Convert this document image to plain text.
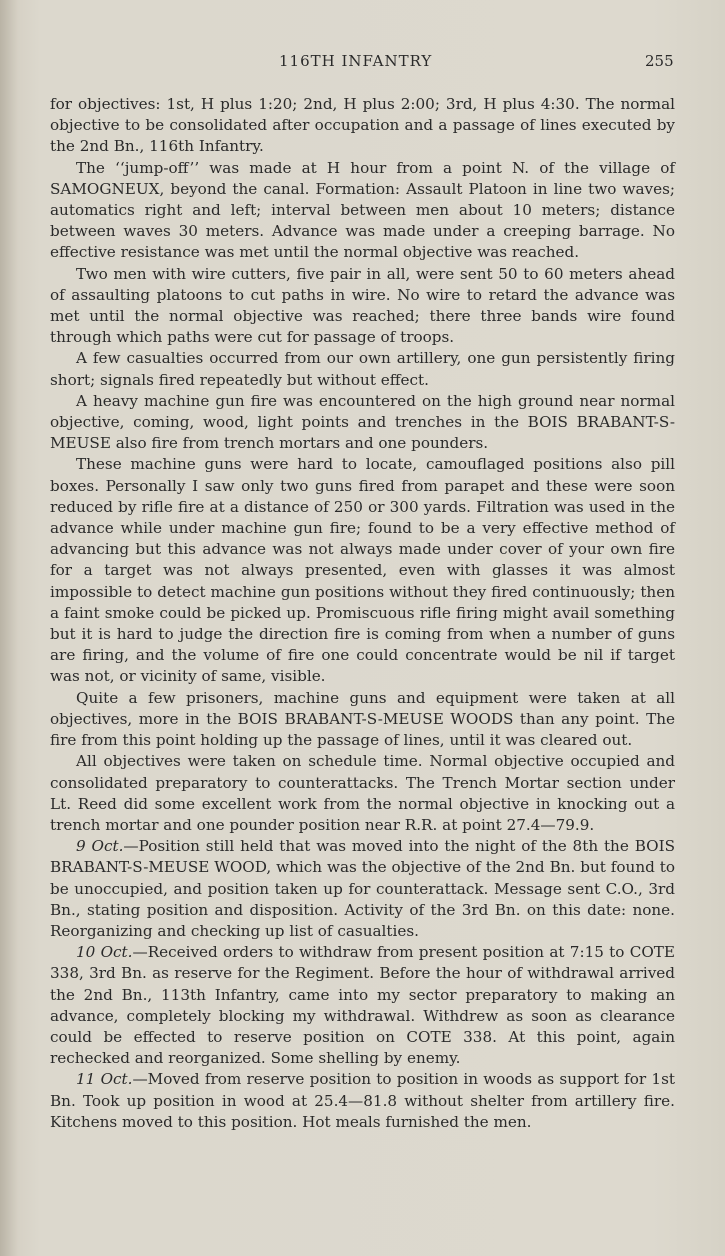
116TH INFANTRY	255

for objectives: 1st, H plus 1:20; 2nd, H plus 2:00; 3rd, H plus 4:30. The normal objective to be consolidated after occupation and a passage of lines executed by the 2nd Bn., 116th Infantry.

The ‘‘jump-off’’ was made at H hour from a point N. of the village of SAMOGNEUX, beyond the canal. Formation: Assault Platoon in line two waves; automatics right and left; interval between men about 10 meters; distance between waves 30 meters. Advance was made under a creeping barrage. No effective resistance was met until the normal objective was reached.

Two men with wire cutters, five pair in all, were sent 50 to 60 meters ahead of assaulting platoons to cut paths in wire. No wire to retard the advance was met until the normal objective was reached; there three bands wire found through which paths were cut for passage of troops.

A few casualties occurred from our own artillery, one gun persistently firing short; signals fired repeatedly but without effect.

A heavy machine gun fire was encountered on the high ground near normal objective, coming, wood, light points and trenches in the BOIS BRABANT-S-MEUSE also fire from trench mortars and one pounders.

These machine guns were hard to locate, camouflaged positions also pill boxes. Personally I saw only two guns fired from parapet and these were soon reduced by rifle fire at a distance of 250 or 300 yards. Filtration was used in the advance while under machine gun fire; found to be a very effective method of advancing but this advance was not always made under cover of your own fire for a target was not always presented, even with glasses it was almost impossible to detect machine gun positions without they fired continuously; then a faint smoke could be picked up. Promiscuous rifle firing might avail something but it is hard to judge the direction fire is coming from when a number of guns are firing, and the volume of fire one could concentrate would be nil if target was not, or vicinity of same, visible.

Quite a few prisoners, machine guns and equipment were taken at all objectives, more in the BOIS BRABANT-S-MEUSE WOODS than any point. The fire from this point holding up the passage of lines, until it was cleared out.

All objectives were taken on schedule time. Normal objective occupied and consolidated preparatory to counterattacks. The Trench Mortar section under Lt. Reed did some excellent work from the normal objective in knocking out a trench mortar and one pounder position near R.R. at point 27.4—79.9.

9 Oct.—Position still held that was moved into the night of the 8th the BOIS BRABANT-S-MEUSE WOOD, which was the objective of the 2nd Bn. but found to be unoccupied, and position taken up for counterattack. Message sent C.O., 3rd Bn., stating position and disposition. Activity of the 3rd Bn. on this date: none. Reorganizing and checking up list of casualties.

10 Oct.—Received orders to withdraw from present position at 7:15 to COTE 338, 3rd Bn. as reserve for the Regiment. Before the hour of withdrawal arrived the 2nd Bn., 113th Infantry, came into my sector preparatory to making an advance, completely blocking my withdrawal. Withdrew as soon as clearance could be effected to reserve position on COTE 338. At this point, again rechecked and reorganized. Some shelling by enemy.

11 Oct.—Moved from reserve position to position in woods as support for 1st Bn. Took up position in wood at 25.4—81.8 without shelter from artillery fire. Kitchens moved to this position. Hot meals furnished the men.
